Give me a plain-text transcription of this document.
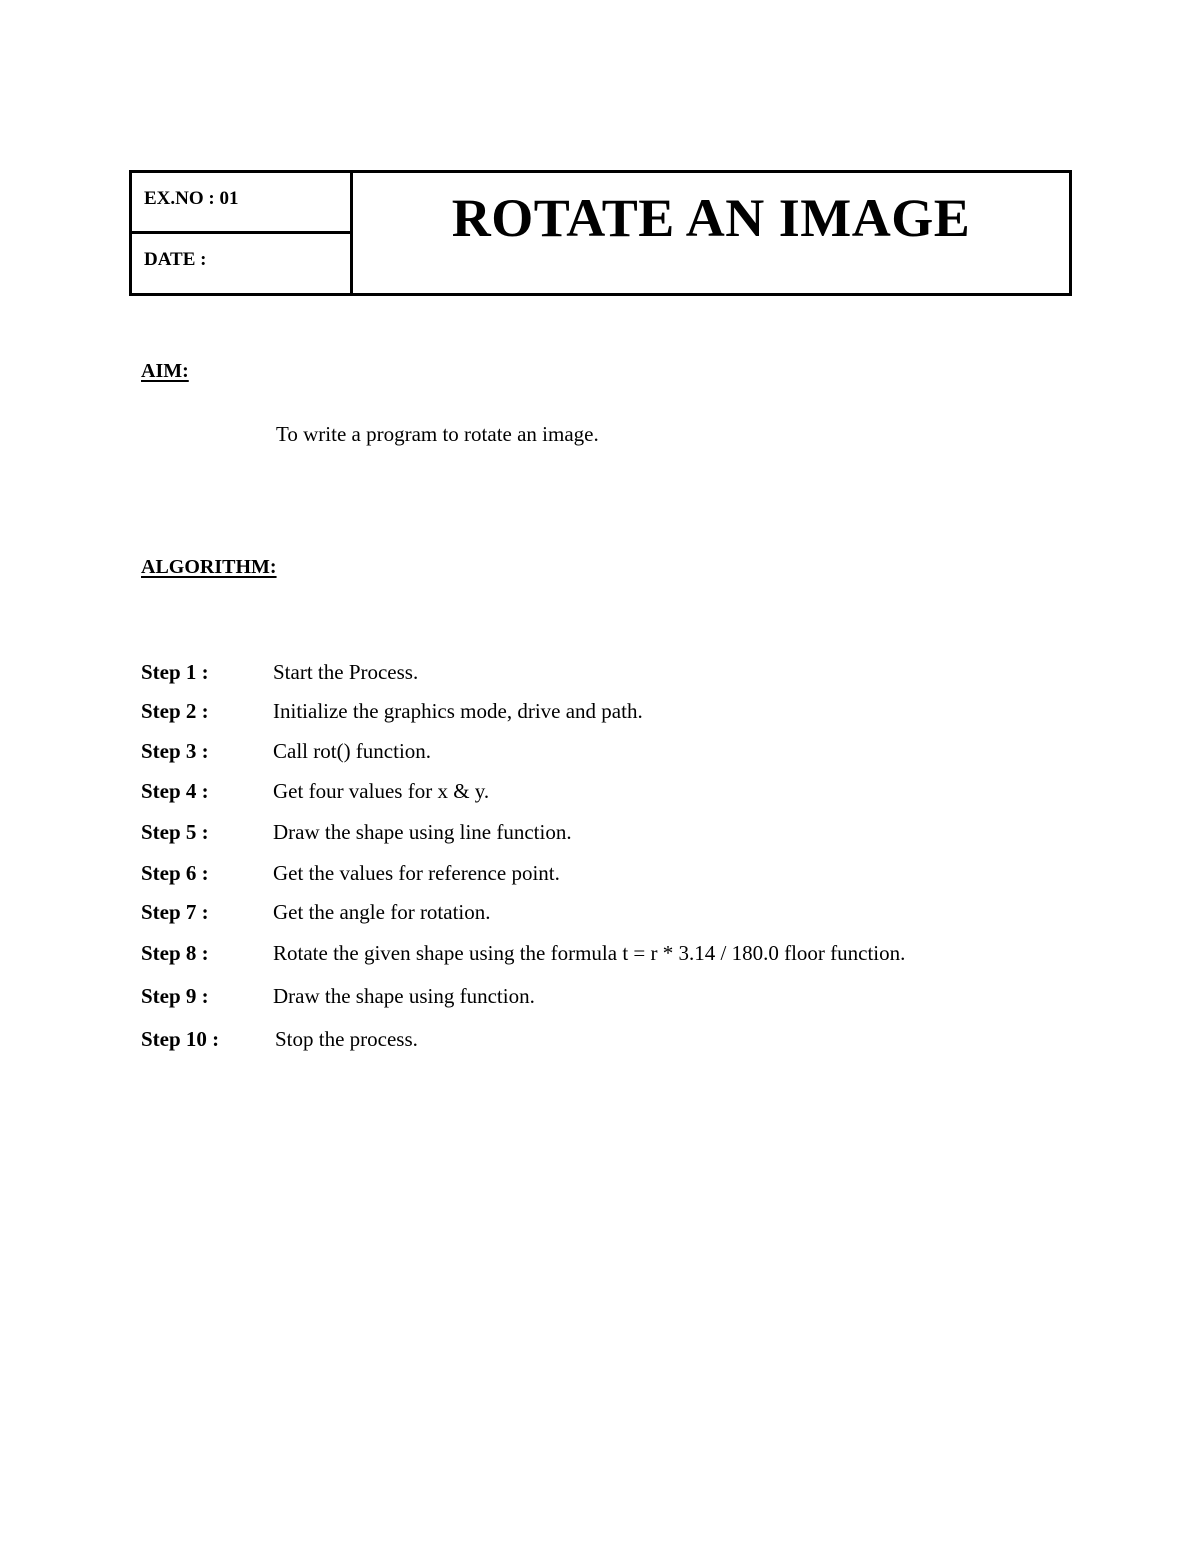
EX.NO : 01
DATE :
ROTATE AN IMAGE
AIM:
To write a program to rotate an image.
ALGORITHM:
Step 1 :	Start the Process.
Step 2 :	Initialize the graphics mode, drive and path.
Step 3 :	Call rot() function.
Step 4 :	Get four values for x & y.
Step 5 :	Draw the shape using line function.
Step 6 :	Get the values for reference point.
Step 7 :	Get the angle for rotation.
Step 8 :	Rotate the given shape using the formula t = r * 3.14 / 180.0 floor function.
Step 9 :	Draw the shape using function.
Step 10 :	Stop the process.
